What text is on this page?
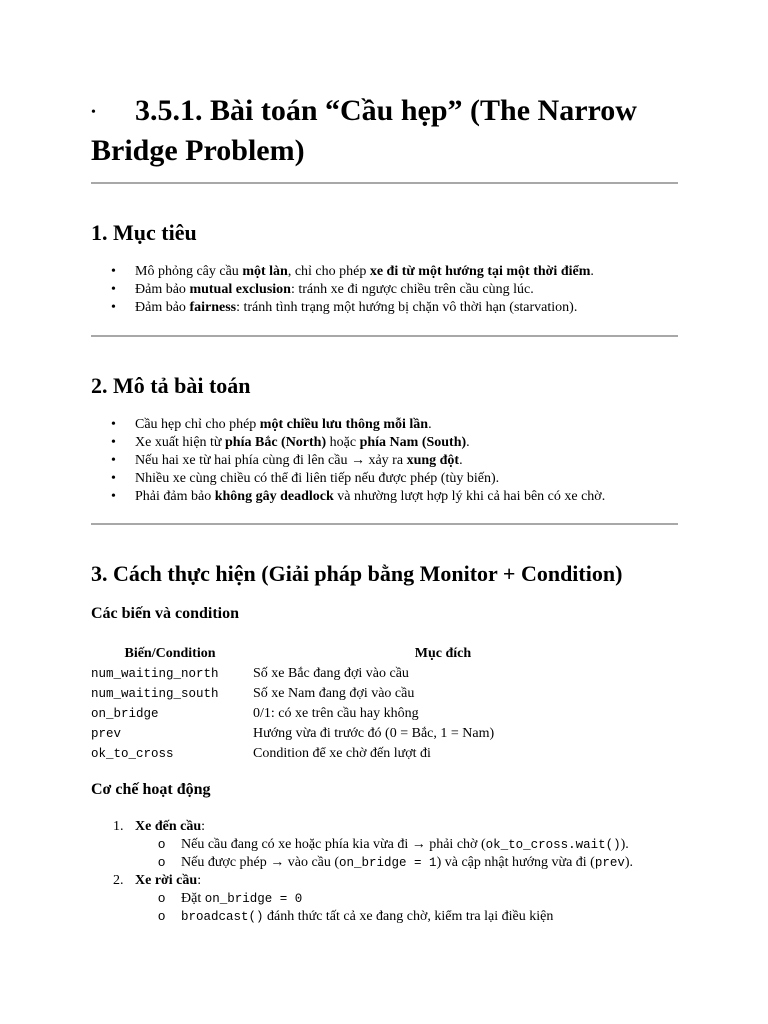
• 3.5.1. Bài toán “Cầu hẹp” (The Narrow Bridge Problem)
1. Mục tiêu
• Mô phỏng cây cầu một làn, chỉ cho phép xe đi từ một hướng tại một thời điểm.
• Đảm bảo mutual exclusion: tránh xe đi ngược chiều trên cầu cùng lúc.
• Đảm bảo fairness: tránh tình trạng một hướng bị chặn vô thời hạn (starvation).
2. Mô tả bài toán
• Cầu hẹp chỉ cho phép một chiều lưu thông mỗi lần.
• Xe xuất hiện từ phía Bắc (North) hoặc phía Nam (South).
• Nếu hai xe từ hai phía cùng đi lên cầu → xảy ra xung đột.
• Nhiều xe cùng chiều có thể đi liên tiếp nếu được phép (tùy biến).
• Phải đảm bảo không gây deadlock và nhường lượt hợp lý khi cả hai bên có xe chờ.
3. Cách thực hiện (Giải pháp bằng Monitor + Condition)
Các biến và condition
Biến/Condition	Mục đích
num_waiting_north	Số xe Bắc đang đợi vào cầu
num_waiting_south	Số xe Nam đang đợi vào cầu
on_bridge	0/1: có xe trên cầu hay không
prev	Hướng vừa đi trước đó (0 = Bắc, 1 = Nam)
ok_to_cross	Condition để xe chờ đến lượt đi
Cơ chế hoạt động
1. Xe đến cầu:
o Nếu cầu đang có xe hoặc phía kia vừa đi → phải chờ (ok_to_cross.wait()).
o Nếu được phép → vào cầu (on_bridge = 1) và cập nhật hướng vừa đi (prev).
2. Xe rời cầu:
o Đặt on_bridge = 0
o broadcast() đánh thức tất cả xe đang chờ, kiểm tra lại điều kiện
